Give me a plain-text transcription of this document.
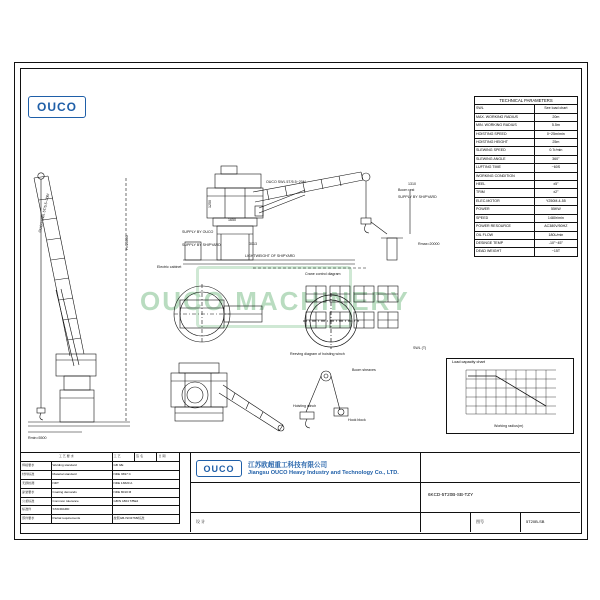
OUCO MACHINERY
OUCO	TECHNICAL PARAMETERS	
SWL	See load chart
MAX. WORKING RADIUS	20m
MIN. WORKING RADIUS	5.5m
HOISTING SPEED	0~25m/min
HOISTING HEIGHT	25m
SLEWING SPEED	0.7r/min
SLEWING ANGLE	360°
LUFTING TIME	~60S
WORKING CONDITION	
HEEL	±5°
TRIM	±2°
ELEC.MOTOR	Y250M-4-55
POWER	55KW
SPEED	1480r/min
POWER RESOURCE	AC380V/50HZ
OIL FLOW	180L/min
DESINGE TEMP	-10°~45°
DEAD WEIGHT	~15T
OUCO SWL 5T/5.5~20M
Rmin=5500
H=25000
OUCO SWL 5T/5.5~20M
Boom rest
SUPPLY BY SHIPYARD
SUPPLY BY OUCO
SUPPLY BY SHIPYARD
Electric cabinet
LIGHTWEIGHT OF SHIPYARD
Rmax=20000
1310
1250
1650
3013
Crane control diagram
Reeving diagram of hoisting winch
Boom sheaves
Hoisting winch
Hook block
SWL (T)
Load capacity chart
Working radius(m)
工 艺 要 求		工 艺	签 名	日 期
焊接要求	Welding standard	GB 3/E		
材料标准	Material standard	NDE 3697 C		
无损检测	NDT	NDE 13820 A		
涂装要求	Coating demands	NDE 8010 M		
公差标准	Common tolerance	GB/N 1804 T/BE2		
标准件	STANDARD			
部件要求	Partial requirements	按照GB-ISO2768/标准		
OUCO 江苏欧超重工科技有限公司
Jiangsu OUCO Heavy Industry and Technology Co., LTD.
6KCD-5T20B-SB-TZY
设 计	图号	5T20B-SB
